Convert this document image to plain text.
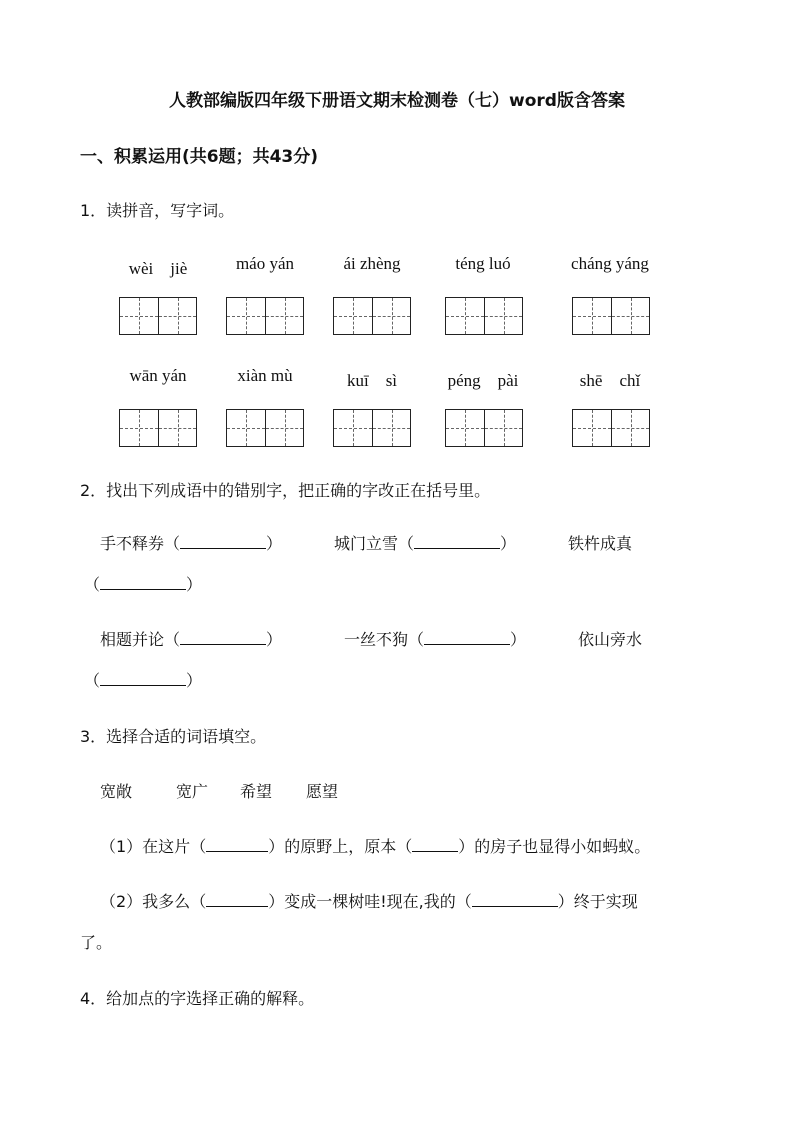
人教部编版四年级下册语文期末检测卷（七）word版含答案
一、积累运用(共6题；共43分)
1．读拼音，写字词。
wèi　jiè	máo yán	ái zhèng	téng luó	cháng yáng
wān yán	xiàn mù	kuī　sì	péng　pài	shē　chǐ
2．找出下列成语中的错别字，把正确的字改正在括号里。
手不释券（	）	城门立雪（	）	铁杵成真
（	）
相题并论（	）	一丝不狗（	）	依山旁水
（	）
3．选择合适的词语填空。
宽敞	宽广 希望 愿望
（1）在这片（	）的原野上，原本（	）的房子也显得小如蚂蚁。
（2）我多么（	）变成一棵树哇!现在,我的（	）终于实现
了。
4．给加点的字选择正确的解释。
